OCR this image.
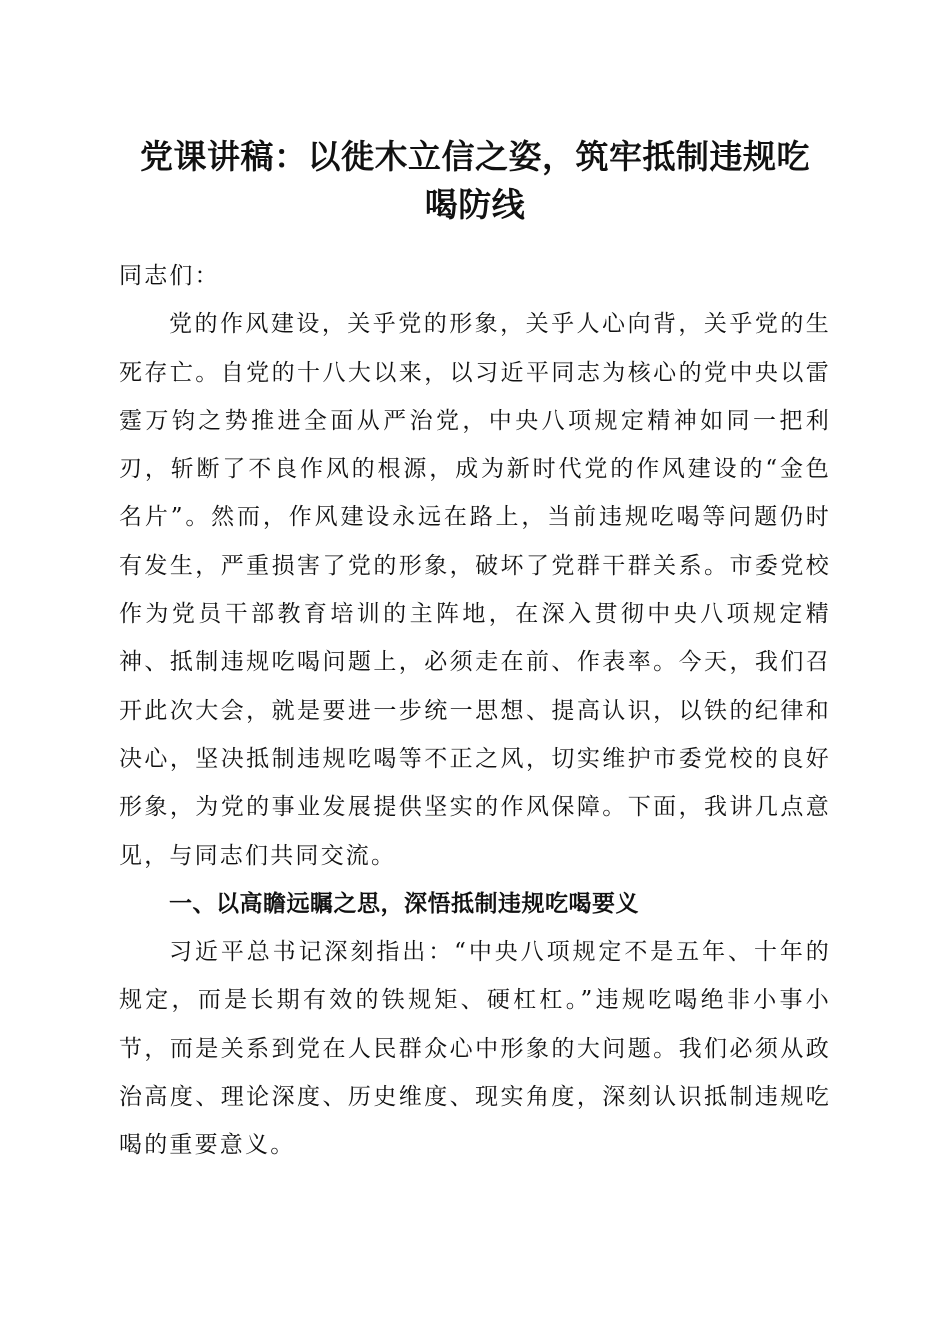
党课讲稿：以徙木立信之姿，筑牢抵制违规吃
喝防线

同志们：

党的作风建设，关乎党的形象，关乎人心向背，关乎党的生死存亡。自党的十八大以来，以习近平同志为核心的党中央以雷霆万钧之势推进全面从严治党，中央八项规定精神如同一把利刃，斩断了不良作风的根源，成为新时代党的作风建设的“金色名片”。然而，作风建设永远在路上，当前违规吃喝等问题仍时有发生，严重损害了党的形象，破坏了党群干群关系。市委党校作为党员干部教育培训的主阵地，在深入贯彻中央八项规定精神、抵制违规吃喝问题上，必须走在前、作表率。今天，我们召开此次大会，就是要进一步统一思想、提高认识，以铁的纪律和决心，坚决抵制违规吃喝等不正之风，切实维护市委党校的良好形象，为党的事业发展提供坚实的作风保障。下面，我讲几点意见，与同志们共同交流。

一、以高瞻远瞩之思，深悟抵制违规吃喝要义

习近平总书记深刻指出：“中央八项规定不是五年、十年的规定，而是长期有效的铁规矩、硬杠杠。”违规吃喝绝非小事小节，而是关系到党在人民群众心中形象的大问题。我们必须从政治高度、理论深度、历史维度、现实角度，深刻认识抵制违规吃喝的重要意义。
